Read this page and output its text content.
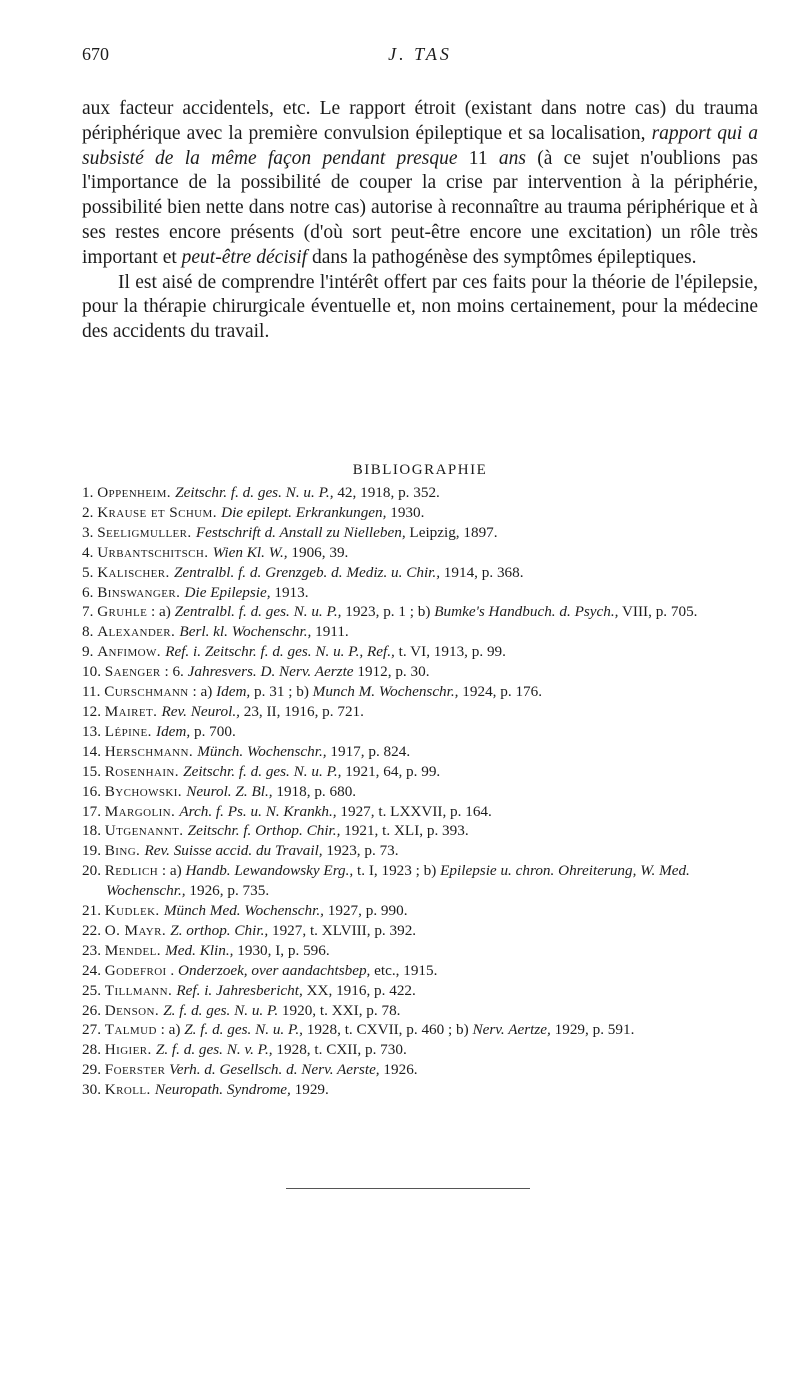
670	J. TAS

aux facteur accidentels, etc. Le rapport étroit (existant dans notre cas) du trauma périphérique avec la première convulsion épileptique et sa localisation, rapport qui a subsisté de la même façon pendant presque 11 ans (à ce sujet n'oublions pas l'importance de la possibilité de couper la crise par intervention à la périphérie, possibilité bien nette dans notre cas) autorise à reconnaître au trauma périphérique et à ses restes encore présents (d'où sort peut-être encore une excitation) un rôle très important et peut-être décisif dans la pathogénèse des symptômes épileptiques.

Il est aisé de comprendre l'intérêt offert par ces faits pour la théorie de l'épilepsie, pour la thérapie chirurgicale éventuelle et, non moins certainement, pour la médecine des accidents du travail.

BIBLIOGRAPHIE

1. Oppenheim. Zeitschr. f. d. ges. N. u. P., 42, 1918, p. 352.

2. Krause et Schum. Die epilept. Erkrankungen, 1930.

3. Seeligmuller. Festschrift d. Anstall zu Nielleben, Leipzig, 1897.

4. Urbantschitsch. Wien Kl. W., 1906, 39.

5. Kalischer. Zentralbl. f. d. Grenzgeb. d. Mediz. u. Chir., 1914, p. 368.

6. Binswanger. Die Epilepsie, 1913.

7. Gruhle : a) Zentralbl. f. d. ges. N. u. P., 1923, p. 1 ; b) Bumke's Handbuch. d. Psych., VIII, p. 705.

8. Alexander. Berl. kl. Wochenschr., 1911.

9. Anfimow. Ref. i. Zeitschr. f. d. ges. N. u. P., Ref., t. VI, 1913, p. 99.

10. Saenger : 6. Jahresvers. D. Nerv. Aerzte 1912, p. 30.

11. Curschmann : a) Idem, p. 31 ; b) Munch M. Wochenschr., 1924, p. 176.

12. Mairet. Rev. Neurol., 23, II, 1916, p. 721.

13. Lépine. Idem, p. 700.

14. Herschmann. Münch. Wochenschr., 1917, p. 824.

15. Rosenhain. Zeitschr. f. d. ges. N. u. P., 1921, 64, p. 99.

16. Bychowski. Neurol. Z. Bl., 1918, p. 680.

17. Margolin. Arch. f. Ps. u. N. Krankh., 1927, t. LXXVII, p. 164.

18. Utgenannt. Zeitschr. f. Orthop. Chir., 1921, t. XLI, p. 393.

19. Bing. Rev. Suisse accid. du Travail, 1923, p. 73.

20. Redlich : a) Handb. Lewandowsky Erg., t. I, 1923 ; b) Epilepsie u. chron. Ohreiterung, W. Med. Wochenschr., 1926, p. 735.

21. Kudlek. Münch Med. Wochenschr., 1927, p. 990.

22. O. Mayr. Z. orthop. Chir., 1927, t. XLVIII, p. 392.

23. Mendel. Med. Klin., 1930, I, p. 596.

24. Godefroi . Onderzoek, over aandachtsbep, etc., 1915.

25. Tillmann. Ref. i. Jahresbericht, XX, 1916, p. 422.

26. Denson. Z. f. d. ges. N. u. P. 1920, t. XXI, p. 78.

27. Talmud : a) Z. f. d. ges. N. u. P., 1928, t. CXVII, p. 460 ; b) Nerv. Aertze, 1929, p. 591.

28. Higier. Z. f. d. ges. N. v. P., 1928, t. CXII, p. 730.

29. Foerster Verh. d. Gesellsch. d. Nerv. Aerste, 1926.

30. Kroll. Neuropath. Syndrome, 1929.
